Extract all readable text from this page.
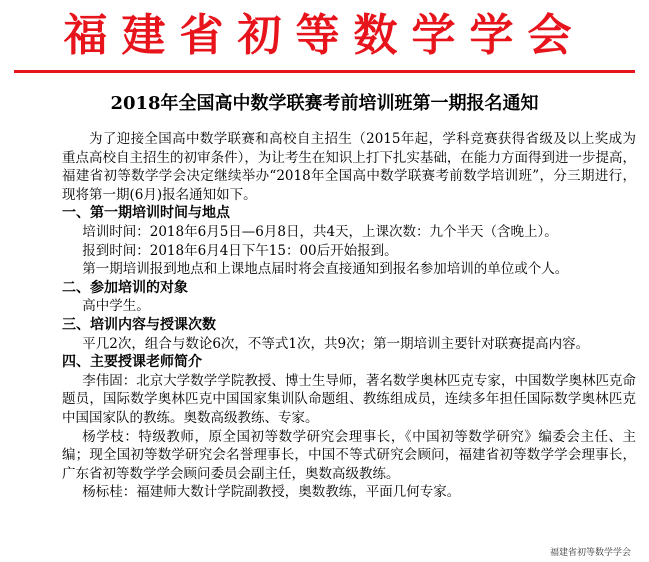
福建省初等数学学会
2018年全国高中数学联赛考前培训班第一期报名通知

为了迎接全国高中数学联赛和高校自主招生（2015年起，学科竞赛获得省级及以上奖成为重点高校自主招生的初审条件），为让考生在知识上打下扎实基础，在能力方面得到进一步提高，福建省初等数学学会决定继续举办“2018年全国高中数学联赛考前数学培训班”，分三期进行，现将第一期(6月)报名通知如下。

一、第一期培训时间与地点

培训时间：2018年6月5日—6月8日，共4天，上课次数：九个半天（含晚上）。

报到时间：2018年6月4日下午15：00后开始报到。

第一期培训报到地点和上课地点届时将会直接通知到报名参加培训的单位或个人。

二、参加培训的对象

高中学生。

三、培训内容与授课次数

平几2次，组合与数论6次，不等式1次，共9次；第一期培训主要针对联赛提高内容。

四、主要授课老师简介

李伟固：北京大学数学学院教授、博士生导师，著名数学奥林匹克专家，中国数学奥林匹克命题员，国际数学奥林匹克中国国家集训队命题组、教练组成员，连续多年担任国际数学奥林匹克中国国家队的教练。奥数高级教练、专家。

杨学枝：特级教师，原全国初等数学研究会理事长，《中国初等数学研究》编委会主任、主编；现全国初等数学研究会名誉理事长，中国不等式研究会顾问，福建省初等数学学会理事长，广东省初等数学学会顾问委员会副主任，奥数高级教练。

杨标桂：福建师大数计学院副教授，奥数教练，平面几何专家。

福建省初等数学学会
